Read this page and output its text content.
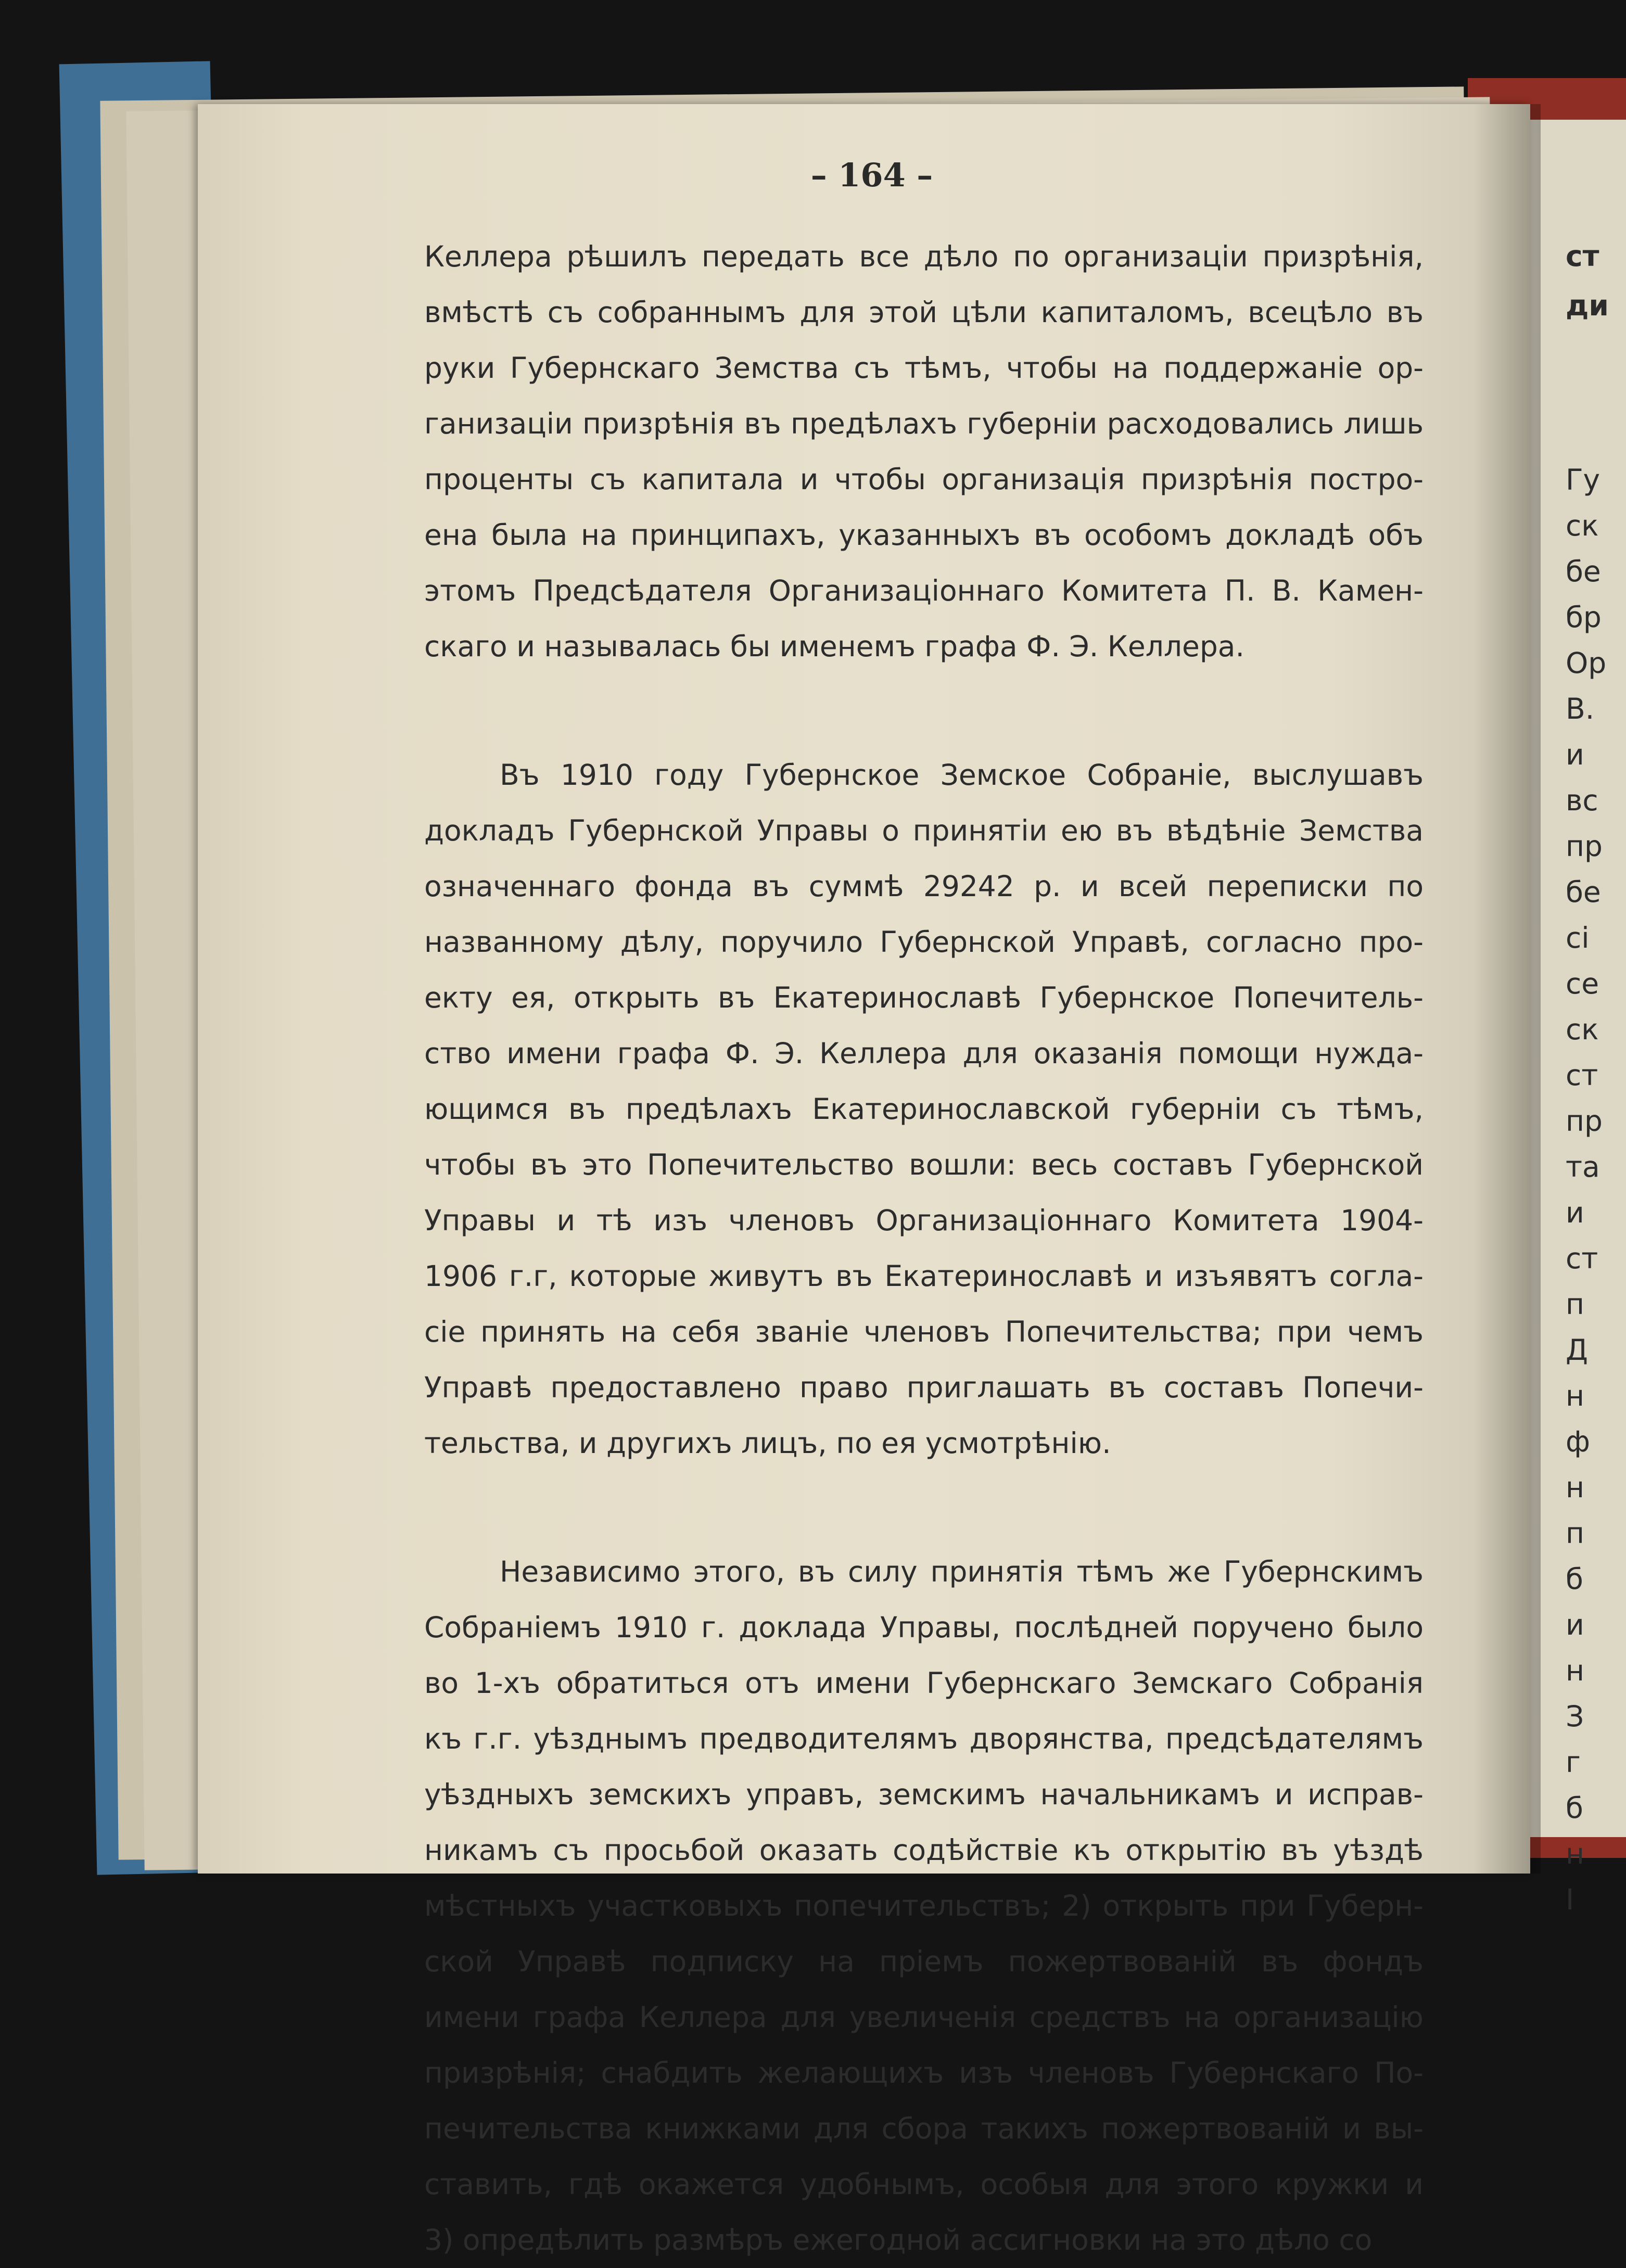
– 164 –
Келлера рѣшилъ передать все дѣло по организаціи призрѣнія,
вмѣстѣ съ собраннымъ для этой цѣли капиталомъ, всецѣло въ
руки Губернскаго Земства съ тѣмъ, чтобы на поддержаніе ор-
ганизаціи призрѣнія въ предѣлахъ губерніи расходовались лишь
проценты съ капитала и чтобы организація призрѣнія постро-
ена была на принципахъ, указанныхъ въ особомъ докладѣ объ
этомъ Предсѣдателя Организаціоннаго Комитета П. В. Камен-
скаго и называлась бы именемъ графа Ф. Э. Келлера.
Въ 1910 году Губернское Земское Собраніе, выслушавъ
докладъ Губернской Управы о принятіи ею въ вѣдѣніе Земства
означеннаго фонда въ суммѣ 29242 р. и всей переписки по
названному дѣлу, поручило Губернской Управѣ, согласно про-
екту ея, открыть въ Екатеринославѣ Губернское Попечитель-
ство имени графа Ф. Э. Келлера для оказанія помощи нужда-
ющимся въ предѣлахъ Екатеринославской губерніи съ тѣмъ,
чтобы въ это Попечительство вошли: весь составъ Губернской
Управы и тѣ изъ членовъ Организаціоннаго Комитета 1904-
1906 г.г, которые живутъ въ Екатеринославѣ и изъявятъ согла-
сіе принять на себя званіе членовъ Попечительства; при чемъ
Управѣ предоставлено право приглашать въ составъ Попечи-
тельства, и другихъ лицъ, по ея усмотрѣнію.
Независимо этого, въ силу принятія тѣмъ же Губернскимъ
Собраніемъ 1910 г. доклада Управы, послѣдней поручено было
во 1-хъ обратиться отъ имени Губернскаго Земскаго Собранія
къ г.г. уѣзднымъ предводителямъ дворянства, предсѣдателямъ
уѣздныхъ земскихъ управъ, земскимъ начальникамъ и исправ-
никамъ съ просьбой оказать содѣйствіе къ открытію въ уѣздѣ
мѣстныхъ участковыхъ попечительствъ; 2) открыть при Губерн-
ской Управѣ подписку на пріемъ пожертвованій въ фондъ
имени графа Келлера для увеличенія средствъ на организацію
призрѣнія; снабдить желающихъ изъ членовъ Губернскаго По-
печительства книжками для сбора такихъ пожертвованій и вы-
ставить, гдѣ окажется удобнымъ, особыя для этого кружки и
3) опредѣлить размѣръ ежегодной ассигновки на это дѣло со
ст
ди
Гу
ск
бе
бр
Ор
В.
и
вс
пр
бе
сі
се
ск
ст
пр
та
и
ст
п
Д
н
ф
н
п
б
и
н
З
г
б
н
I
